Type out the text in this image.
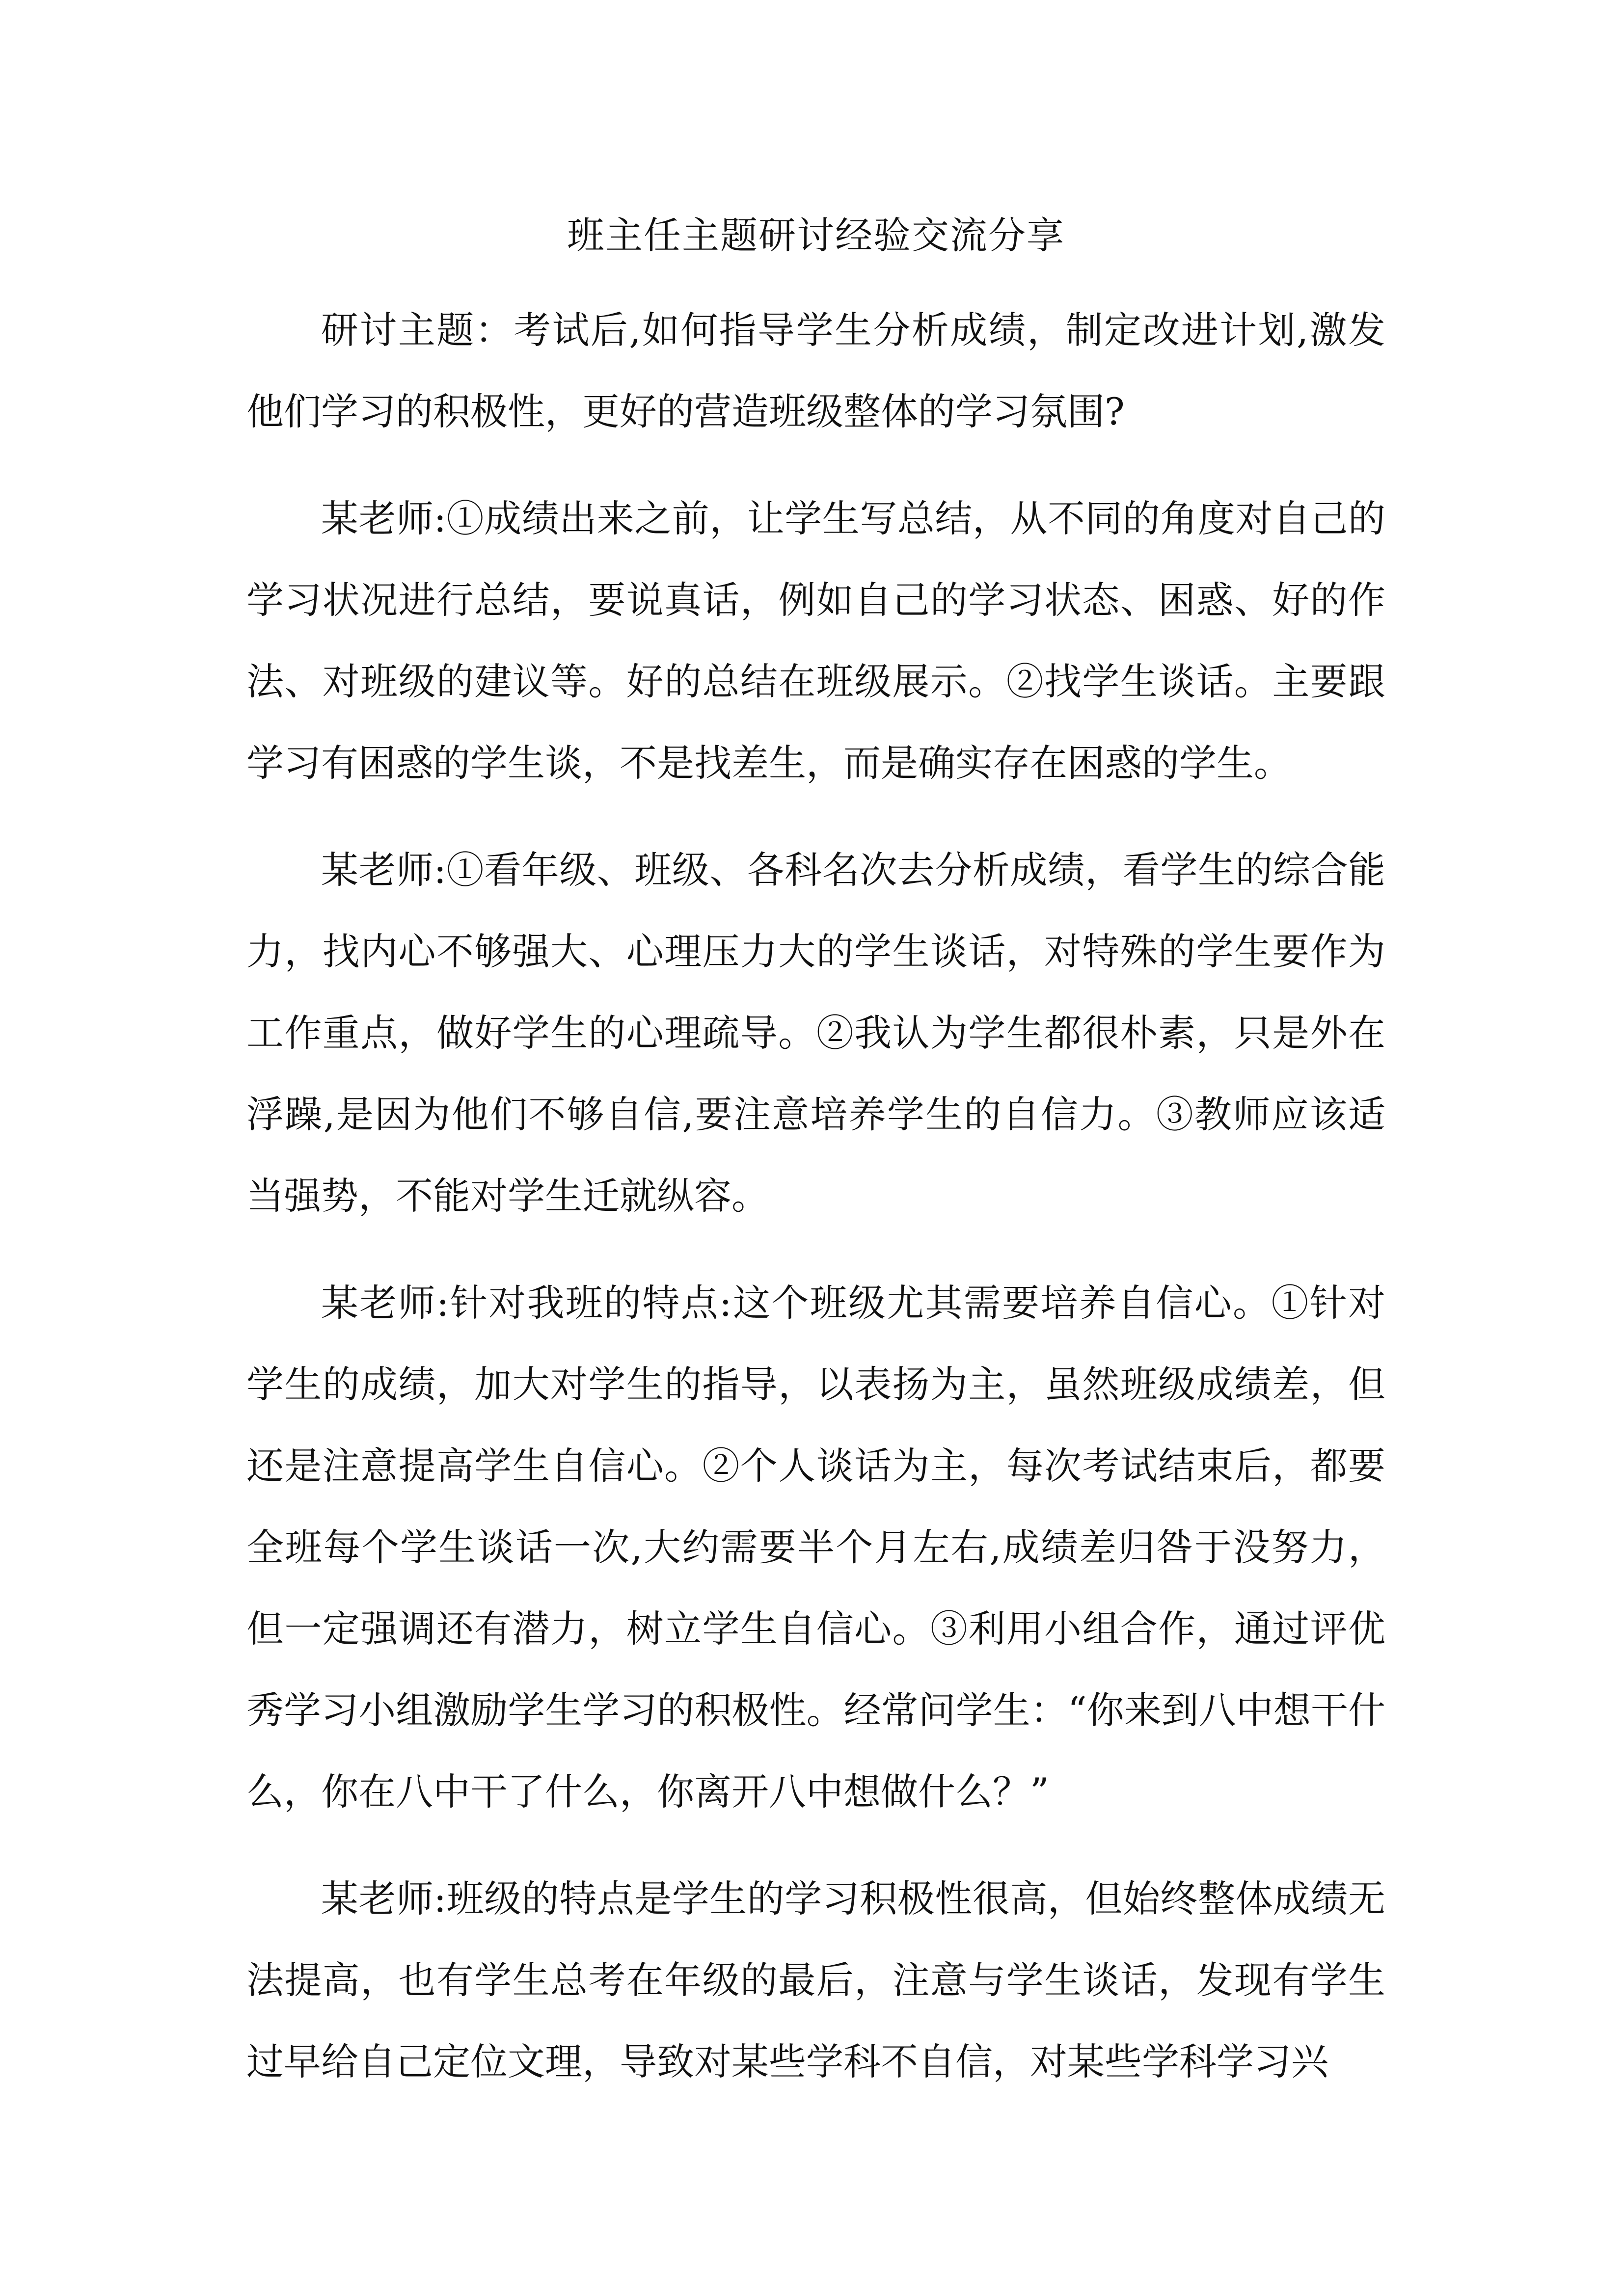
班主任主题研讨经验交流分享

研讨主题：考试后,如何指导学生分析成绩，制定改进计划,激发他们学习的积极性，更好的营造班级整体的学习氛围?

某老师:①成绩出来之前，让学生写总结，从不同的角度对自己的学习状况进行总结，要说真话，例如自己的学习状态、困惑、好的作法、对班级的建议等。好的总结在班级展示。②找学生谈话。主要跟学习有困惑的学生谈，不是找差生，而是确实存在困惑的学生。

某老师:①看年级、班级、各科名次去分析成绩，看学生的综合能力，找内心不够强大、心理压力大的学生谈话，对特殊的学生要作为工作重点，做好学生的心理疏导。②我认为学生都很朴素，只是外在浮躁,是因为他们不够自信,要注意培养学生的自信力。③教师应该适当强势，不能对学生迁就纵容。

某老师:针对我班的特点:这个班级尤其需要培养自信心。①针对学生的成绩，加大对学生的指导，以表扬为主，虽然班级成绩差，但还是注意提高学生自信心。②个人谈话为主，每次考试结束后，都要全班每个学生谈话一次,大约需要半个月左右,成绩差归咎于没努力，但一定强调还有潜力，树立学生自信心。③利用小组合作，通过评优秀学习小组激励学生学习的积极性。经常问学生：“你来到八中想干什么，你在八中干了什么，你离开八中想做什么？”

某老师:班级的特点是学生的学习积极性很高，但始终整体成绩无法提高，也有学生总考在年级的最后，注意与学生谈话，发现有学生过早给自己定位文理，导致对某些学科不自信，对某些学科学习兴
